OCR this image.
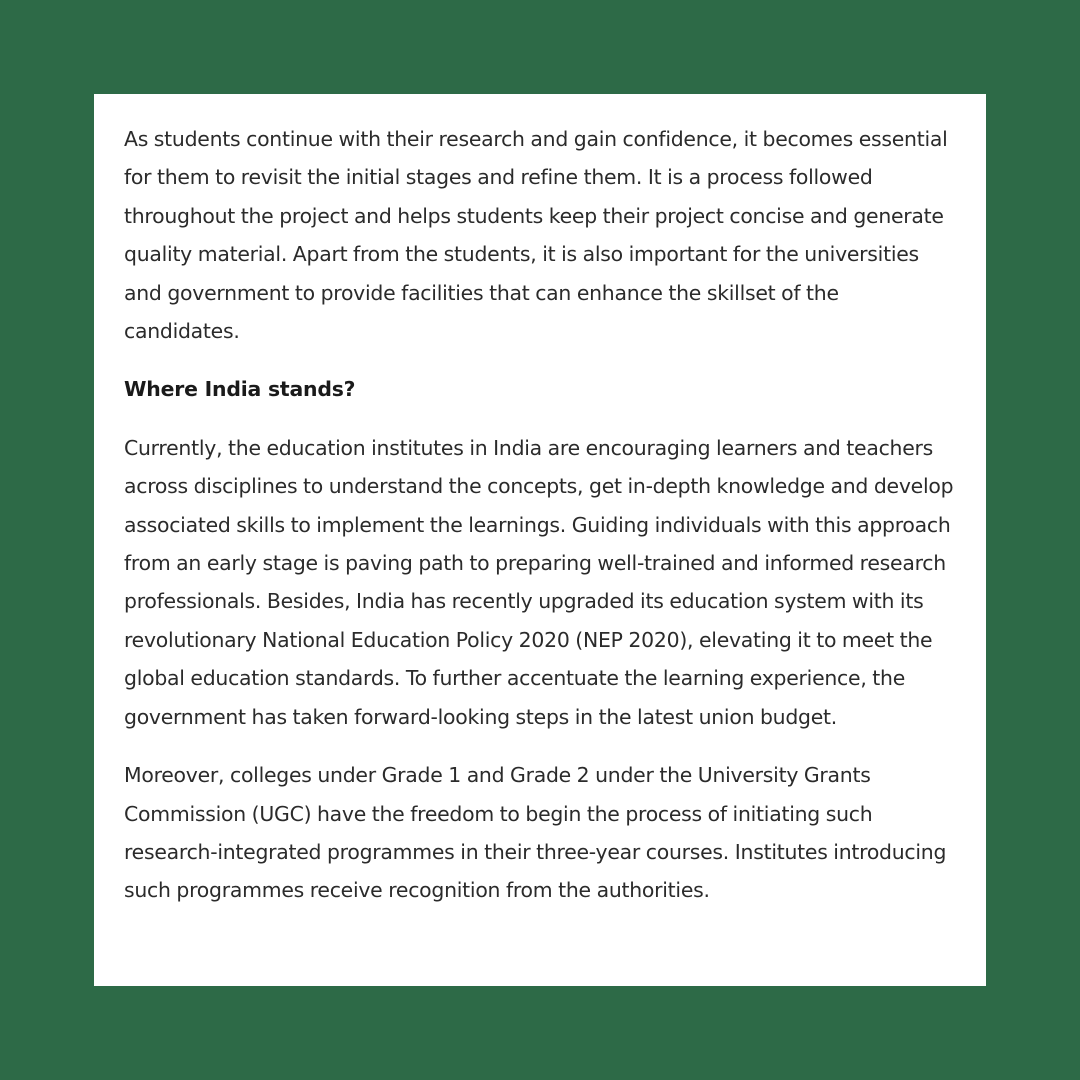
As students continue with their research and gain confidence, it becomes essential for them to revisit the initial stages and refine them. It is a process followed throughout the project and helps students keep their project concise and generate quality material. Apart from the students, it is also important for the universities and government to provide facilities that can enhance the skillset of the candidates.

Where India stands?

Currently, the education institutes in India are encouraging learners and teachers across disciplines to understand the concepts, get in-depth knowledge and develop associated skills to implement the learnings. Guiding individuals with this approach from an early stage is paving path to preparing well-trained and informed research professionals. Besides, India has recently upgraded its education system with its revolutionary National Education Policy 2020 (NEP 2020), elevating it to meet the global education standards. To further accentuate the learning experience, the government has taken forward-looking steps in the latest union budget.

Moreover, colleges under Grade 1 and Grade 2 under the University Grants Commission (UGC) have the freedom to begin the process of initiating such research-integrated programmes in their three-year courses. Institutes introducing such programmes receive recognition from the authorities.
